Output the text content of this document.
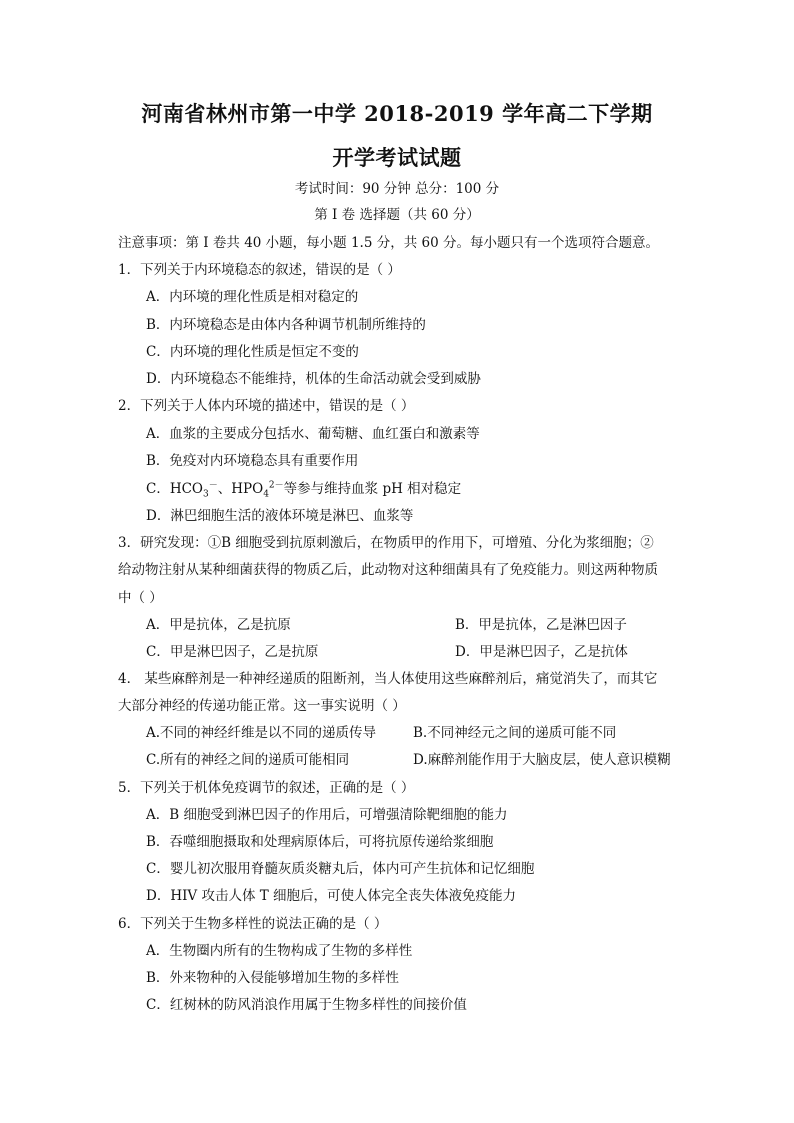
河南省林州市第一中学 2018-2019 学年高二下学期
开学考试试题
考试时间：90 分钟 总分：100 分
第 I 卷 选择题（共 60 分）
注意事项：第 I 卷共 40 小题，每小题 1.5 分，共 60 分。每小题只有一个选项符合题意。
1．下列关于内环境稳态的叙述，错误的是（ ）
A．内环境的理化性质是相对稳定的
B．内环境稳态是由体内各种调节机制所维持的
C．内环境的理化性质是恒定不变的
D．内环境稳态不能维持，机体的生命活动就会受到威胁
2．下列关于人体内环境的描述中，错误的是（ ）
A．血浆的主要成分包括水、葡萄糖、血红蛋白和激素等
B．免疫对内环境稳态具有重要作用
C．$HCO_3^-$、$HPO_4^{2-}$等参与维持血浆 pH 相对稳定
D．淋巴细胞生活的液体环境是淋巴、血浆等
3．研究发现：①B 细胞受到抗原刺激后，在物质甲的作用下，可增殖、分化为浆细胞；②
给动物注射从某种细菌获得的物质乙后，此动物对这种细菌具有了免疫能力。则这两种物质
中（ ）
A．甲是抗体，乙是抗原	B．甲是抗体，乙是淋巴因子
C．甲是淋巴因子，乙是抗原	D．甲是淋巴因子，乙是抗体
4． 某些麻醉剂是一种神经递质的阻断剂，当人体使用这些麻醉剂后，痛觉消失了，而其它
大部分神经的传递功能正常。这一事实说明（ ）
A.不同的神经纤维是以不同的递质传导	B.不同神经元之间的递质可能不同
C.所有的神经之间的递质可能相同	D.麻醉剂能作用于大脑皮层，使人意识模糊
5．下列关于机体免疫调节的叙述，正确的是（ ）
A．B 细胞受到淋巴因子的作用后，可增强清除靶细胞的能力
B．吞噬细胞摄取和处理病原体后，可将抗原传递给浆细胞
C．婴儿初次服用脊髓灰质炎糖丸后，体内可产生抗体和记忆细胞
D．HIV 攻击人体 T 细胞后，可使人体完全丧失体液免疫能力
6．下列关于生物多样性的说法正确的是（ ）
A．生物圈内所有的生物构成了生物的多样性
B．外来物种的入侵能够增加生物的多样性
C．红树林的防风消浪作用属于生物多样性的间接价值
